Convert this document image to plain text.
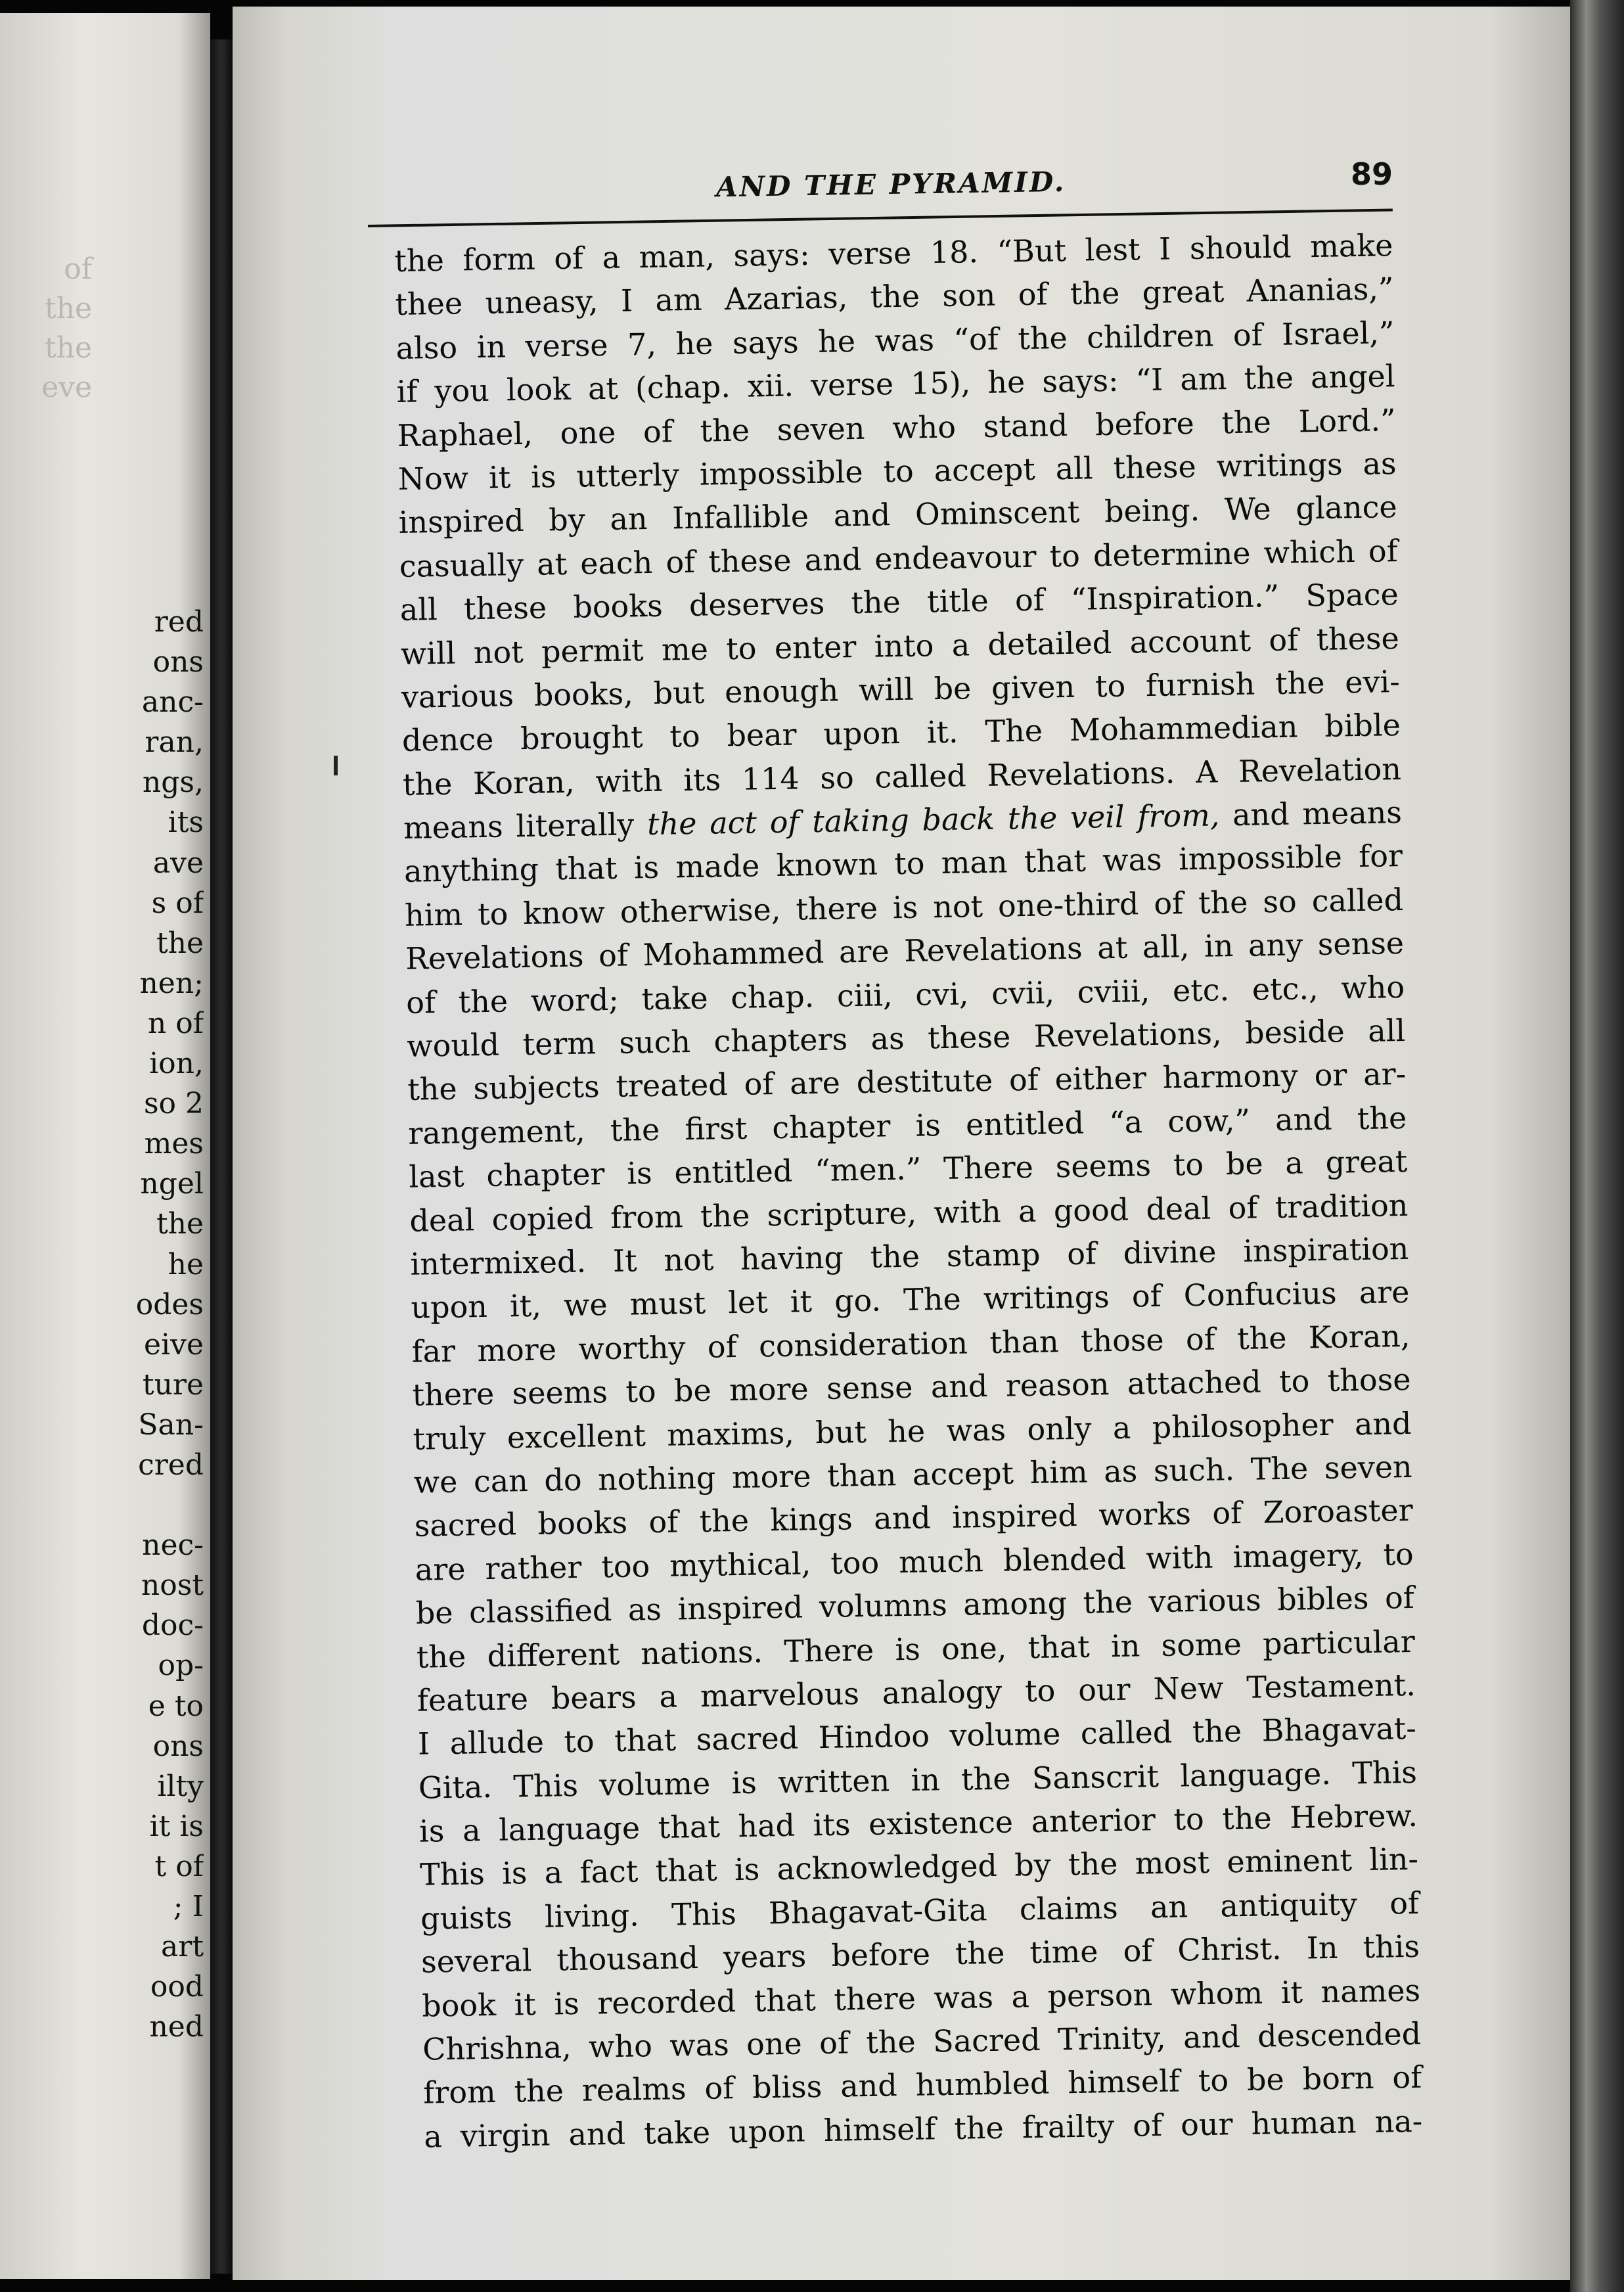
of
the
the
eve
red
ons
anc-
ran,
ngs,
its
ave
s of
the
nen;
n of
ion,
so 2
mes
ngel
the
he
odes
eive
ture
San-
cred
nec-
nost
doc-
op-
e to
ons
ilty
it is
t of
; I
art
ood
ned
AND THE PYRAMID.	89
the form of a man, says: verse 18. “But lest I should make
thee uneasy, I am Azarias, the son of the great Ananias,”
also in verse 7, he says he was “of the children of Israel,”
if you look at (chap. xii. verse 15), he says: “I am the angel
Raphael, one of the seven who stand before the Lord.”
Now it is utterly impossible to accept all these writings as
inspired by an Infallible and Ominscent being. We glance
casually at each of these and endeavour to determine which of
all these books deserves the title of “Inspiration.” Space
will not permit me to enter into a detailed account of these
various books, but enough will be given to furnish the evi-
dence brought to bear upon it. The Mohammedian bible
the Koran, with its 114 so called Revelations. A Revelation
means literally the act of taking back the veil from, and means
anything that is made known to man that was impossible for
him to know otherwise, there is not one-third of the so called
Revelations of Mohammed are Revelations at all, in any sense
of the word; take chap. ciii, cvi, cvii, cviii, etc. etc., who
would term such chapters as these Revelations, beside all
the subjects treated of are destitute of either harmony or ar-
rangement, the first chapter is entitled “a cow,” and the
last chapter is entitled “men.” There seems to be a great
deal copied from the scripture, with a good deal of tradition
intermixed. It not having the stamp of divine inspiration
upon it, we must let it go. The writings of Confucius are
far more worthy of consideration than those of the Koran,
there seems to be more sense and reason attached to those
truly excellent maxims, but he was only a philosopher and
we can do nothing more than accept him as such. The seven
sacred books of the kings and inspired works of Zoroaster
are rather too mythical, too much blended with imagery, to
be classified as inspired volumns among the various bibles of
the different nations. There is one, that in some particular
feature bears a marvelous analogy to our New Testament.
I allude to that sacred Hindoo volume called the Bhagavat-
Gita. This volume is written in the Sanscrit language. This
is a language that had its existence anterior to the Hebrew.
This is a fact that is acknowledged by the most eminent lin-
guists living. This Bhagavat-Gita claims an antiquity of
several thousand years before the time of Christ. In this
book it is recorded that there was a person whom it names
Chrishna, who was one of the Sacred Trinity, and descended
from the realms of bliss and humbled himself to be born of
a virgin and take upon himself the frailty of our human na-
